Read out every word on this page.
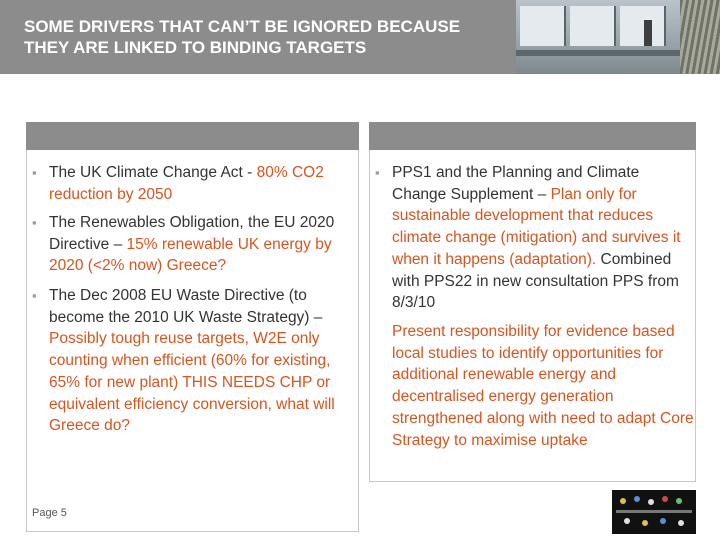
SOME DRIVERS THAT CAN’T BE IGNORED BECAUSE THEY ARE LINKED TO BINDING TARGETS
▪ The UK Climate Change Act - 80% CO2 reduction by 2050
▪ The Renewables Obligation, the EU 2020 Directive – 15% renewable UK energy by 2020 (<2% now) Greece?
▪ The Dec 2008 EU Waste Directive (to become the 2010 UK Waste Strategy) – Possibly tough reuse targets, W2E only counting when efficient (60% for existing, 65% for new plant) THIS NEEDS CHP or equivalent efficiency conversion, what will Greece do?
▪ PPS1 and the Planning and Climate Change Supplement – Plan only for sustainable development that reduces climate change (mitigation) and survives it when it happens (adaptation). Combined with PPS22 in new consultation PPS from 8/3/10
Present responsibility for evidence based local studies to identify opportunities for additional renewable energy and decentralised energy generation strengthened along with need to adapt Core Strategy to maximise uptake
Page 5
